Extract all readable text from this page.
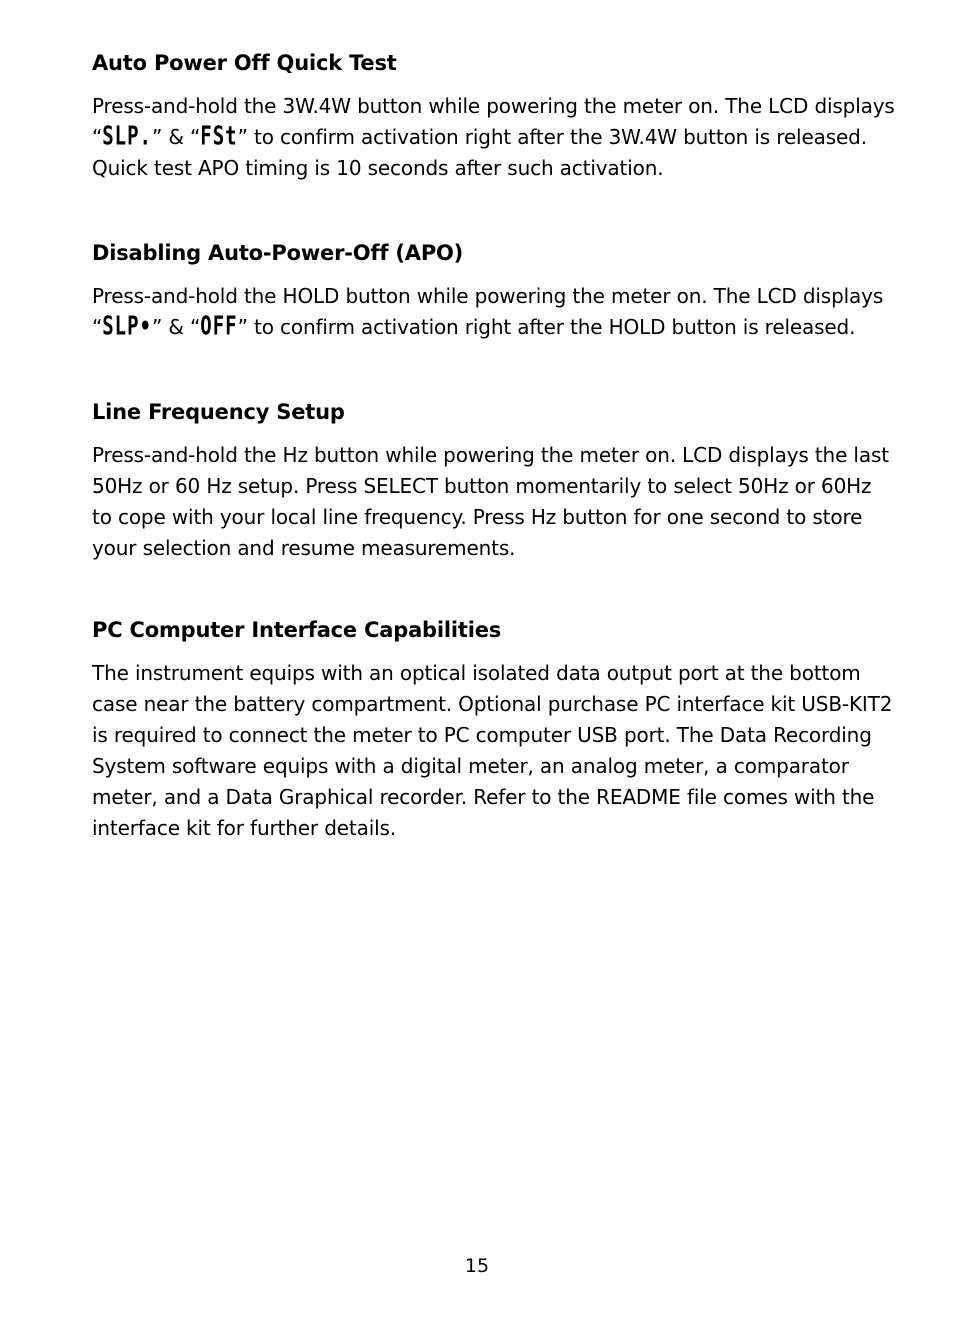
Auto Power Off Quick Test

Press-and-hold the 3W.4W button while powering the meter on. The LCD displays “SLP.” & “FSt” to confirm activation right after the 3W.4W button is released. Quick test APO timing is 10 seconds after such activation.

Disabling Auto-Power-Off (APO)

Press-and-hold the HOLD button while powering the meter on. The LCD displays “SLP•” & “OFF” to confirm activation right after the HOLD button is released.

Line Frequency Setup

Press-and-hold the Hz button while powering the meter on. LCD displays the last 50Hz or 60 Hz setup. Press SELECT button momentarily to select 50Hz or 60Hz to cope with your local line frequency. Press Hz button for one second to store your selection and resume measurements.

PC Computer Interface Capabilities

The instrument equips with an optical isolated data output port at the bottom case near the battery compartment. Optional purchase PC interface kit USB-KIT2 is required to connect the meter to PC computer USB port. The Data Recording System software equips with a digital meter, an analog meter, a comparator meter, and a Data Graphical recorder. Refer to the README file comes with the interface kit for further details.

15
